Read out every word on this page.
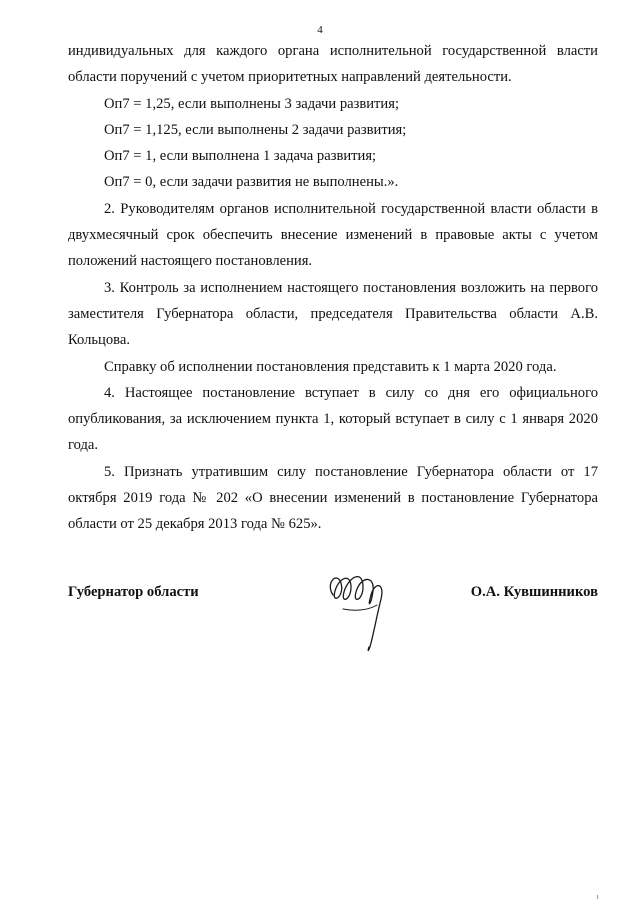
4

индивидуальных для каждого органа исполнительной государственной власти области поручений с учетом приоритетных направлений деятельности.

Оп7 = 1,25, если выполнены 3 задачи развития;

Оп7 = 1,125, если выполнены 2 задачи развития;

Оп7 = 1, если выполнена 1 задача развития;

Оп7 = 0, если задачи развития не выполнены.».

2. Руководителям органов исполнительной государственной власти области в двухмесячный срок обеспечить внесение изменений в правовые акты с учетом положений настоящего постановления.

3. Контроль за исполнением настоящего постановления возложить на первого заместителя Губернатора области, председателя Правительства области А.В. Кольцова.

Справку об исполнении постановления представить к 1 марта 2020 года.

4. Настоящее постановление вступает в силу со дня его официального опубликования, за исключением пункта 1, который вступает в силу с 1 января 2020 года.

5. Признать утратившим силу постановление Губернатора области от 17 октября 2019 года № 202 «О внесении изменений в постановление Губернатора области от 25 декабря 2013 года № 625».

Губернатор области	О.А. Кувшинников
